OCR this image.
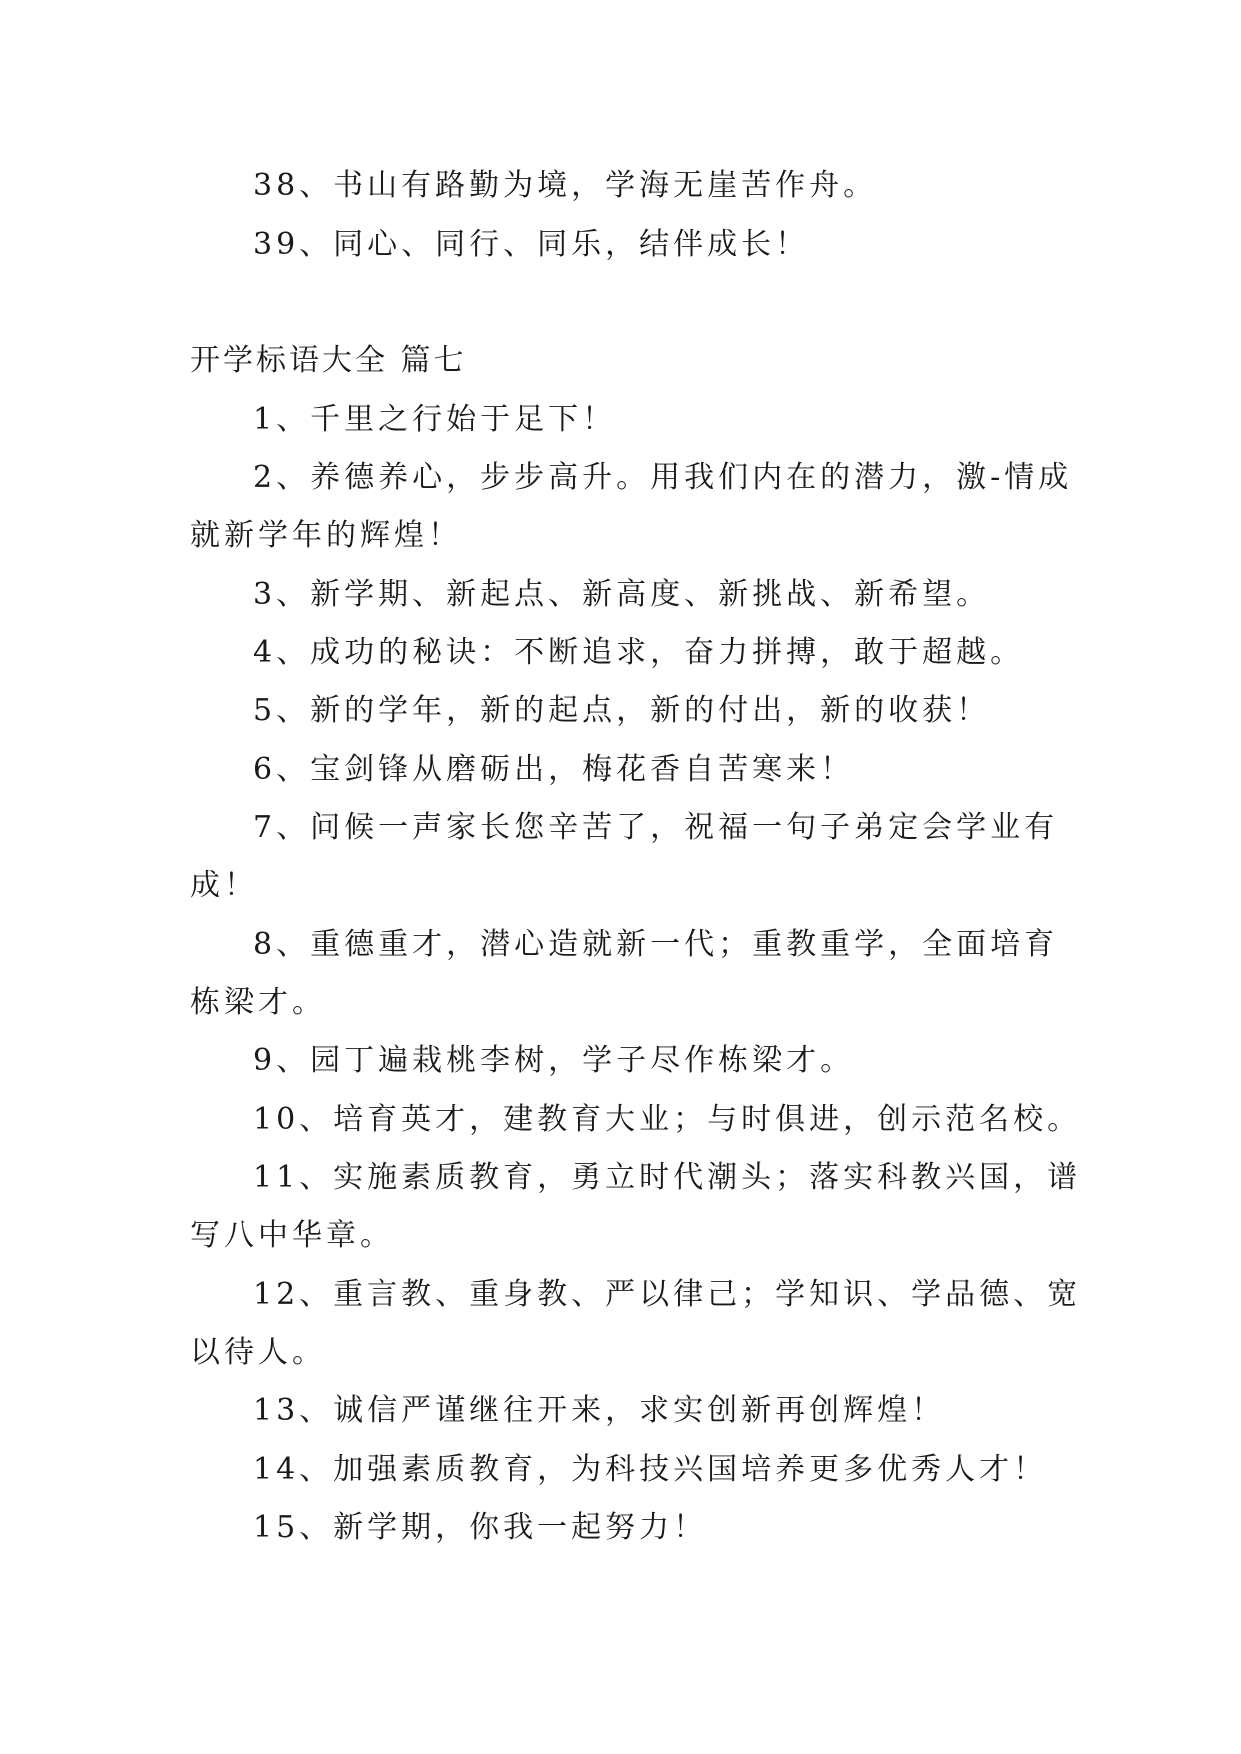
38、书山有路勤为境，学海无崖苦作舟。
39、同心、同行、同乐，结伴成长！
开学标语大全 篇七
1、千里之行始于足下！
2、养德养心，步步高升。用我们内在的潜力，激-情成
就新学年的辉煌！
3、新学期、新起点、新高度、新挑战、新希望。
4、成功的秘诀：不断追求，奋力拼搏，敢于超越。
5、新的学年，新的起点，新的付出，新的收获！
6、宝剑锋从磨砺出，梅花香自苦寒来！
7、问候一声家长您辛苦了，祝福一句子弟定会学业有
成！
8、重德重才，潜心造就新一代；重教重学，全面培育
栋梁才。
9、园丁遍栽桃李树，学子尽作栋梁才。
10、培育英才，建教育大业；与时俱进，创示范名校。
11、实施素质教育，勇立时代潮头；落实科教兴国，谱
写八中华章。
12、重言教、重身教、严以律己；学知识、学品德、宽
以待人。
13、诚信严谨继往开来，求实创新再创辉煌！
14、加强素质教育，为科技兴国培养更多优秀人才！
15、新学期，你我一起努力！
